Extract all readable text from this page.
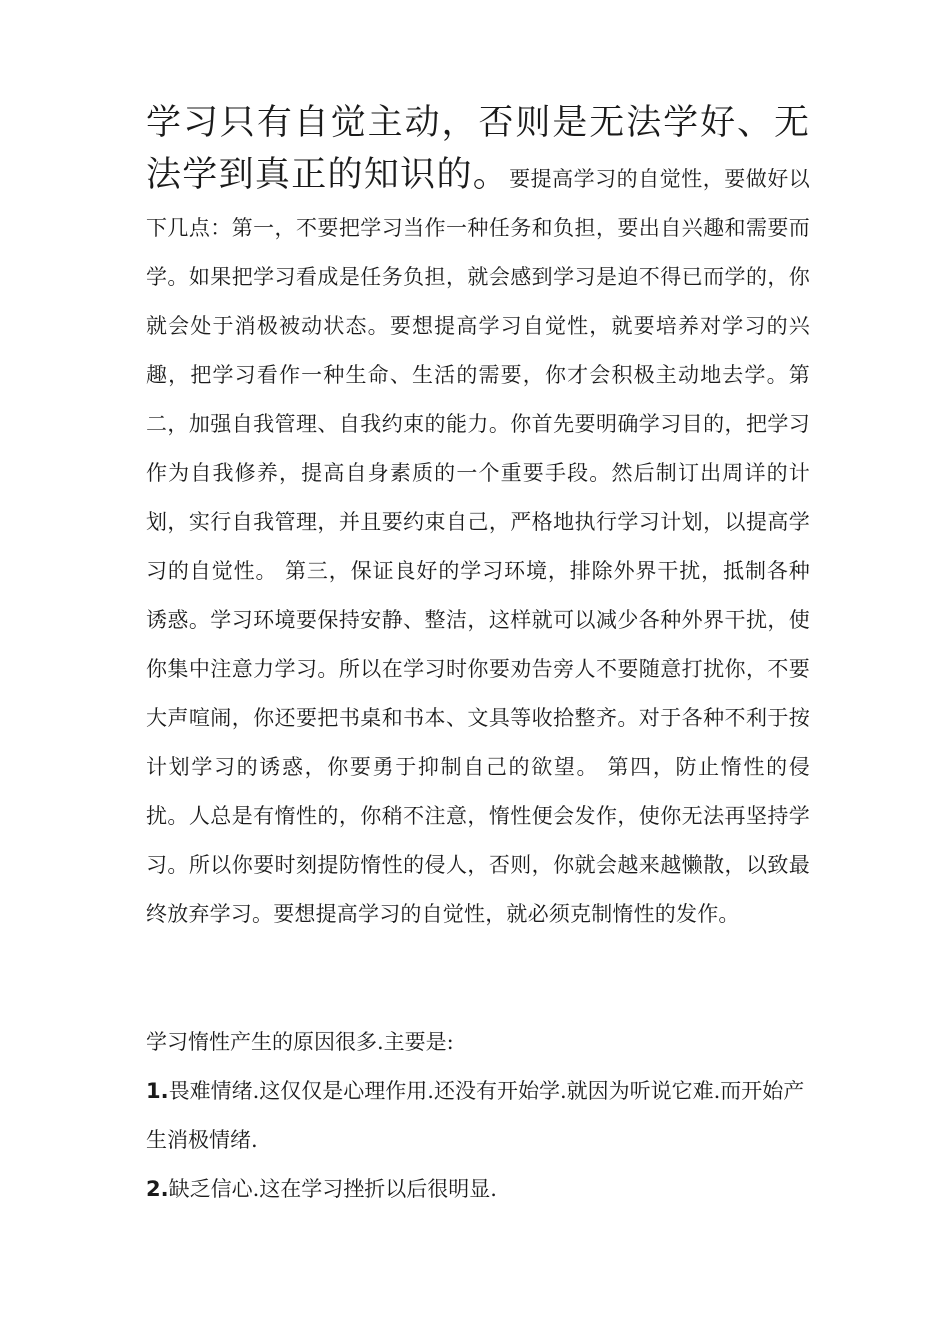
学习只有自觉主动，否则是无法学好、无法学到真正的知识的。要提高学习的自觉性，要做好以下几点：第一，不要把学习当作一种任务和负担，要出自兴趣和需要而学。如果把学习看成是任务负担，就会感到学习是迫不得已而学的，你就会处于消极被动状态。要想提高学习自觉性，就要培养对学习的兴趣，把学习看作一种生命、生活的需要，你才会积极主动地去学。第二，加强自我管理、自我约束的能力。你首先要明确学习目的，把学习作为自我修养，提高自身素质的一个重要手段。然后制订出周详的计划，实行自我管理，并且要约束自己，严格地执行学习计划，以提高学习的自觉性。 第三，保证良好的学习环境，排除外界干扰，抵制各种诱惑。学习环境要保持安静、整洁，这样就可以减少各种外界干扰，使你集中注意力学习。所以在学习时你要劝告旁人不要随意打扰你，不要大声喧闹，你还要把书桌和书本、文具等收拾整齐。对于各种不利于按计划学习的诱惑，你要勇于抑制自己的欲望。 第四，防止惰性的侵扰。人总是有惰性的，你稍不注意，惰性便会发作，使你无法再坚持学习。所以你要时刻提防惰性的侵人，否则，你就会越来越懒散，以致最终放弃学习。要想提高学习的自觉性，就必须克制惰性的发作。

学习惰性产生的原因很多.主要是:

1.畏难情绪.这仅仅是心理作用.还没有开始学.就因为听说它难.而开始产生消极情绪.

2.缺乏信心.这在学习挫折以后很明显.
